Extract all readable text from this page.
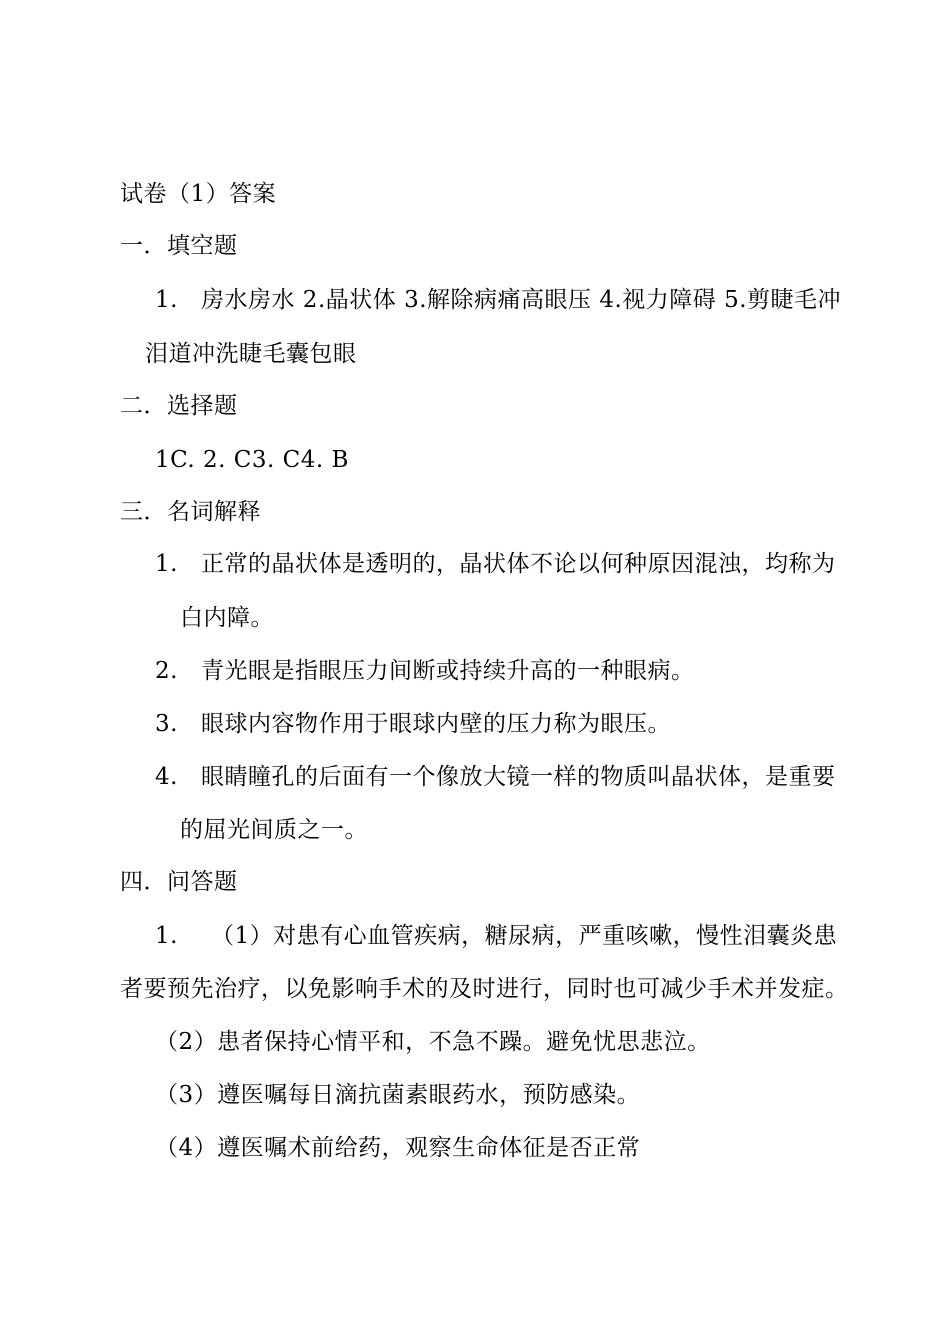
试卷（1）答案
一．填空题
1. 房水房水 2.晶状体 3.解除病痛高眼压 4.视力障碍 5.剪睫毛冲
泪道冲洗睫毛囊包眼
二．选择题
1C. 2. C3. C4. B
三．名词解释
1. 正常的晶状体是透明的，晶状体不论以何种原因混浊，均称为
白内障。
2. 青光眼是指眼压力间断或持续升高的一种眼病。
3. 眼球内容物作用于眼球内壁的压力称为眼压。
4. 眼睛瞳孔的后面有一个像放大镜一样的物质叫晶状体，是重要
的屈光间质之一。
四．问答题
1. （1）对患有心血管疾病，糖尿病，严重咳嗽，慢性泪囊炎患
者要预先治疗，以免影响手术的及时进行，同时也可减少手术并发症。
（2）患者保持心情平和，不急不躁。避免忧思悲泣。
（3）遵医嘱每日滴抗菌素眼药水，预防感染。
（4）遵医嘱术前给药，观察生命体征是否正常
